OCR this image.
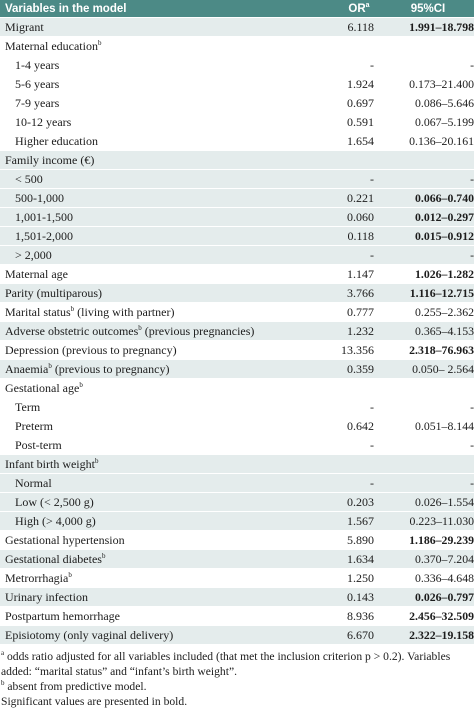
Variables in the model	$OR^a$	95%CI
Migrant	6.118	1.991–18.798
Maternal education$^b$
1-4 years	-	-
5-6 years	1.924	0.173–21.400
7-9 years	0.697	0.086–5.646
10-12 years	0.591	0.067–5.199
Higher education	1.654	0.136–20.161
Family income (€)
< 500	-	-
500-1,000	0.221	0.066–0.740
1,001-1,500	0.060	0.012–0.297
1,501-2,000	0.118	0.015–0.912
> 2,000	-	-
Maternal age	1.147	1.026–1.282
Parity (multiparous)	3.766	1.116–12.715
Marital status$^b$ (living with partner)	0.777	0.255–2.362
Adverse obstetric outcomes$^b$ (previous pregnancies)	1.232	0.365–4.153
Depression (previous to pregnancy)	13.356	2.318–76.963
Anaemia$^b$ (previous to pregnancy)	0.359	0.050– 2.564
Gestational age$^b$
Term	-	-
Preterm	0.642	0.051–8.144
Post-term	-	-
Infant birth weight$^b$
Normal	-	-
Low (< 2,500 g)	0.203	0.026–1.554
High (> 4,000 g)	1.567	0.223–11.030
Gestational hypertension	5.890	1.186–29.239
Gestational diabetes$^b$	1.634	0.370–7.204
Metrorrhagia$^b$	1.250	0.336–4.648
Urinary infection	0.143	0.026–0.797
Postpartum hemorrhage	8.936	2.456–32.509
Episiotomy (only vaginal delivery)	6.670	2.322–19.158
$^a$ odds ratio adjusted for all variables included (that met the inclusion criterion p > 0.2). Variables added: “marital status” and “infant’s birth weight”.
$^b$ absent from predictive model.
Significant values are presented in bold.
